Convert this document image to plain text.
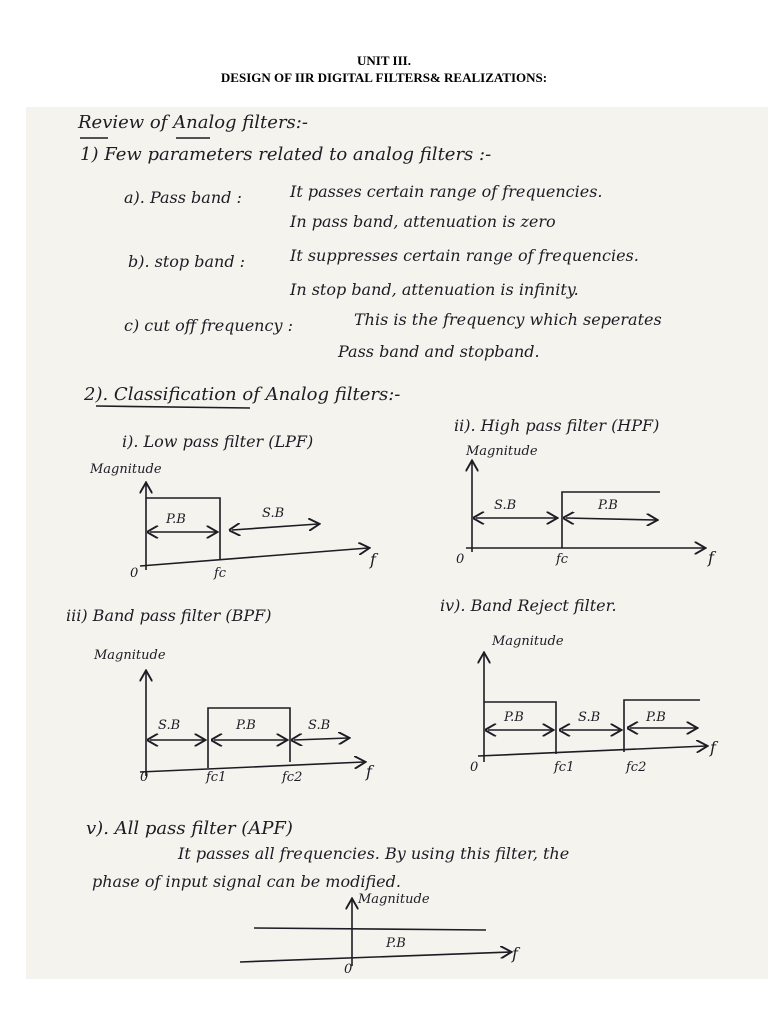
UNIT III.
DESIGN OF IIR DIGITAL FILTERS& REALIZATIONS:
Review of Analog filters:-
1) Few parameters related to analog filters :-
a). Pass band :	It passes certain range of frequencies.
In pass band, attenuation is zero
b). stop band :	It suppresses certain range of frequencies.
In stop band, attenuation is infinity.
c) cut off frequency :	This is the frequency which seperates
Pass band and stopband.
2). Classification of Analog filters:-
i). Low pass filter (LPF)
ii). High pass filter (HPF)
iii) Band pass filter (BPF)
iv). Band Reject filter.
v). All pass filter (APF)
It passes all frequencies. By using this filter, the
phase of input signal can be modified.
Magnitude
Magnitude
Magnitude
Magnitude
Magnitude
P.B	S.B
0	fc
f
S.B	P.B
0	fc	f
S.B	P.B	S.B
0	fc1	fc2	f
P.B	S.B	P.B
0	fc1	fc2
f
P.B
0
f
